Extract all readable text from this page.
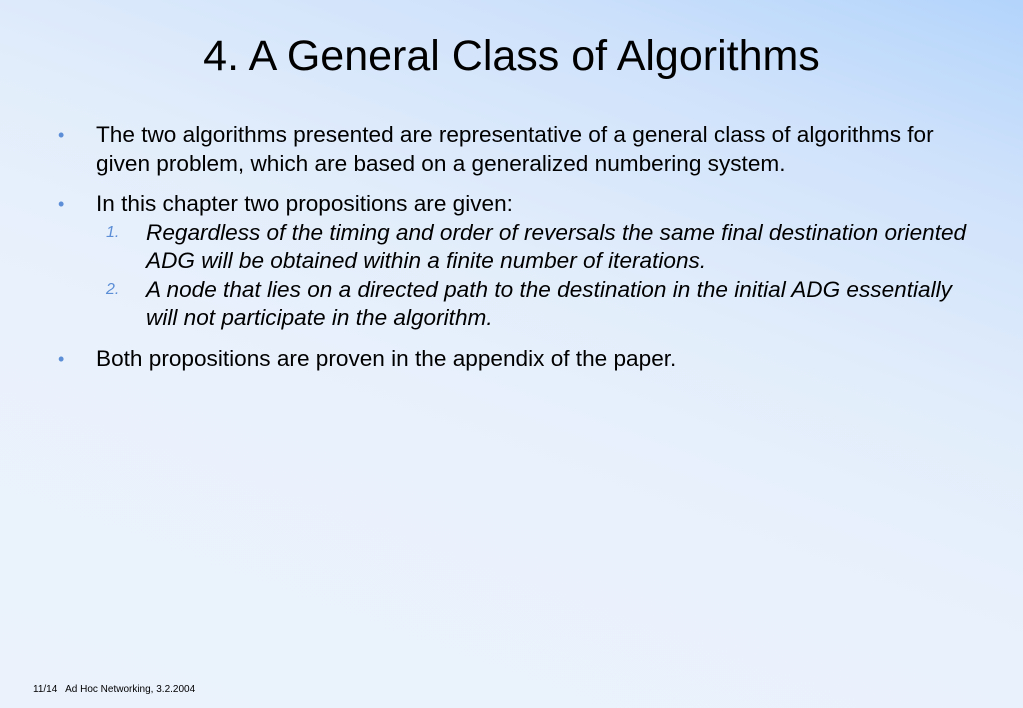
4. A General Class of Algorithms
• The two algorithms presented are representative of a general class of algorithms for given problem, which are based on a generalized numbering system.
• In this chapter two propositions are given:
1. Regardless of the timing and order of reversals the same final destination oriented ADG will be obtained within a finite number of iterations.
2. A node that lies on a directed path to the destination in the initial ADG essentially will not participate in the algorithm.
• Both propositions are proven in the appendix of the paper.
11/14 Ad Hoc Networking, 3.2.2004
